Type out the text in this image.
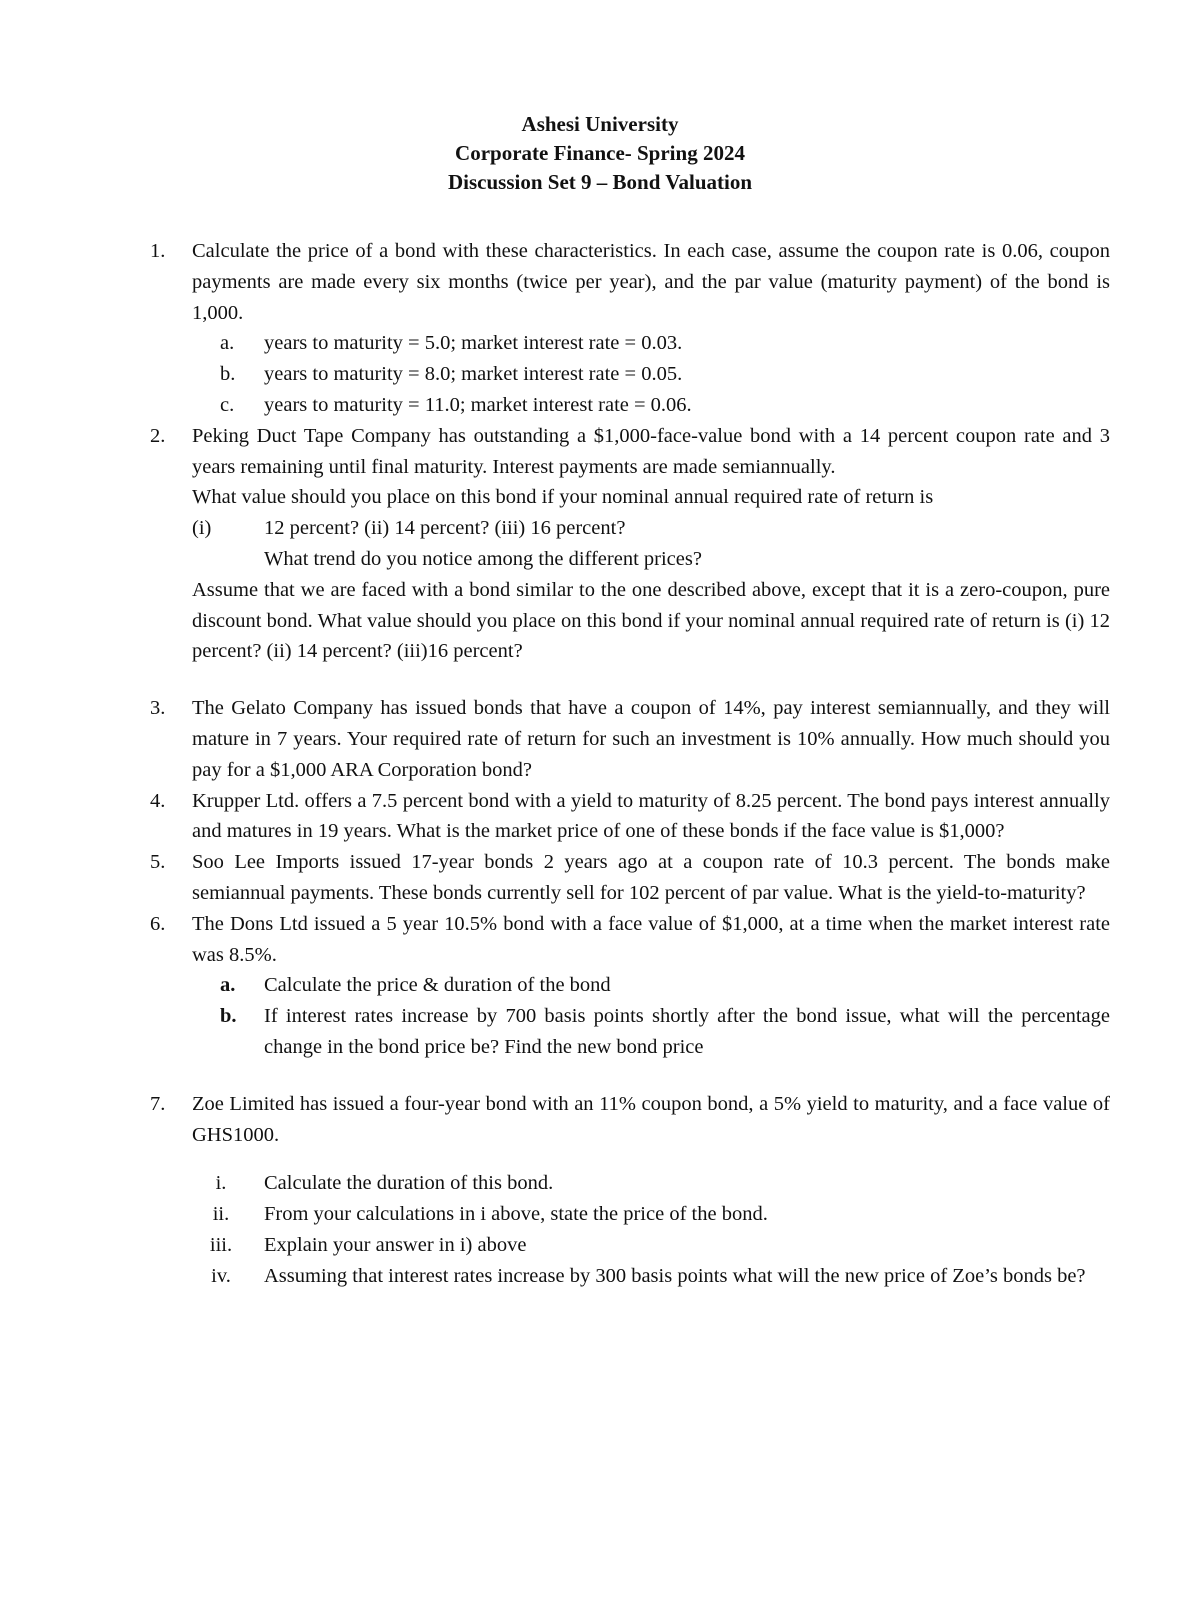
Ashesi University
Corporate Finance- Spring 2024
Discussion Set 9 – Bond Valuation
1.	Calculate the price of a bond with these characteristics. In each case, assume the coupon rate is 0.06, coupon payments are made every six months (twice per year), and the par value (maturity payment) of the bond is 1,000.

a. years to maturity = 5.0; market interest rate = 0.03.
b. years to maturity = 8.0; market interest rate = 0.05.
c. years to maturity = 11.0; market interest rate = 0.06.
2.	Peking Duct Tape Company has outstanding a $1,000-face-value bond with a 14 percent coupon rate and 3 years remaining until final maturity. Interest payments are made semiannually.

What value should you place on this bond if your nominal annual required rate of return is

(i)	12 percent? (ii) 14 percent? (iii) 16 percent?
What trend do you notice among the different prices?

Assume that we are faced with a bond similar to the one described above, except that it is a zero-coupon, pure discount bond. What value should you place on this bond if your nominal annual required rate of return is (i) 12 percent? (ii) 14 percent? (iii)16 percent?

3.	The Gelato Company has issued bonds that have a coupon of 14%, pay interest semiannually, and they will mature in 7 years. Your required rate of return for such an investment is 10% annually. How much should you pay for a $1,000 ARA Corporation bond?

4.	Krupper Ltd. offers a 7.5 percent bond with a yield to maturity of 8.25 percent. The bond pays interest annually and matures in 19 years. What is the market price of one of these bonds if the face value is $1,000?

5.	Soo Lee Imports issued 17-year bonds 2 years ago at a coupon rate of 10.3 percent. The bonds make semiannual payments. These bonds currently sell for 102 percent of par value. What is the yield-to-maturity?

6.	The Dons Ltd issued a 5 year 10.5% bond with a face value of $1,000, at a time when the market interest rate was 8.5%.

a. Calculate the price & duration of the bond

b. If interest rates increase by 700 basis points shortly after the bond issue, what will the percentage change in the bond price be? Find the new bond price

7.	Zoe Limited has issued a four-year bond with an 11% coupon bond, a 5% yield to maturity, and a face value of GHS1000.

i.	Calculate the duration of this bond.

ii.	From your calculations in i above, state the price of the bond.

iii.	Explain your answer in i) above

iv.	Assuming that interest rates increase by 300 basis points what will the new price of Zoe’s bonds be?
